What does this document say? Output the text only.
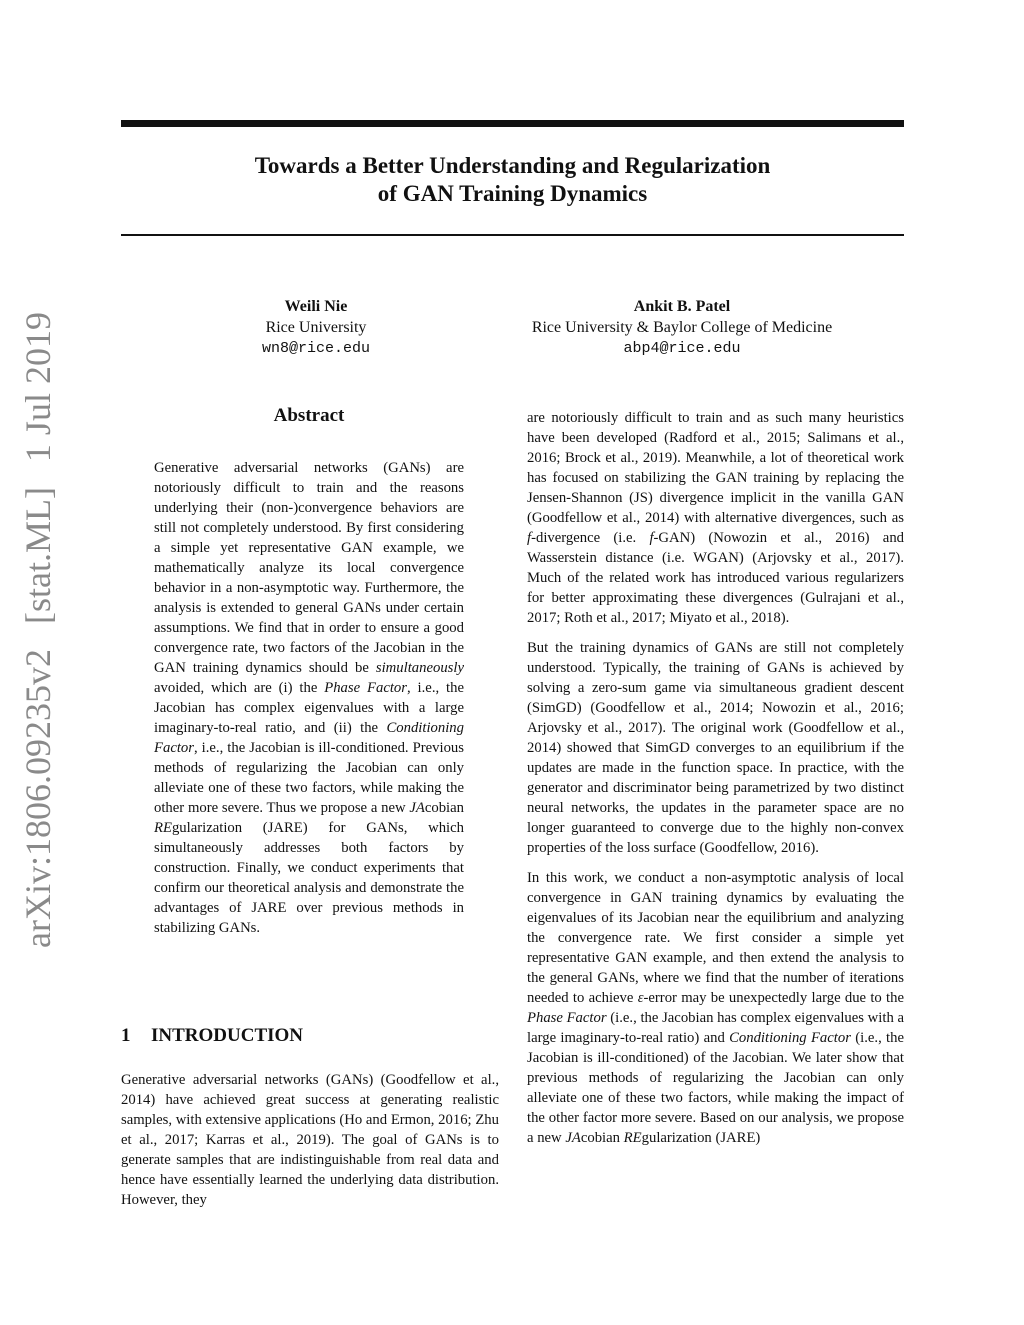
Towards a Better Understanding and Regularization
of GAN Training Dynamics
Weili Nie
Rice University
wn8@rice.edu
Ankit B. Patel
Rice University & Baylor College of Medicine
abp4@rice.edu
arXiv:1806.09235v2 [stat.ML] 1 Jul 2019	Abstract

Generative adversarial networks (GANs) are notoriously difficult to train and the reasons underlying their (non-)convergence behaviors are still not completely understood. By first considering a simple yet representative GAN example, we mathematically analyze its local convergence behavior in a non-asymptotic way. Furthermore, the analysis is extended to general GANs under certain assumptions. We find that in order to ensure a good convergence rate, two factors of the Jacobian in the GAN training dynamics should be simultaneously avoided, which are (i) the Phase Factor, i.e., the Jacobian has complex eigenvalues with a large imaginary-to-real ratio, and (ii) the Conditioning Factor, i.e., the Jacobian is ill-conditioned. Previous methods of regularizing the Jacobian can only alleviate one of these two factors, while making the other more severe. Thus we propose a new JAcobian REgularization (JARE) for GANs, which simultaneously addresses both factors by construction. Finally, we conduct experiments that confirm our theoretical analysis and demonstrate the advantages of JARE over previous methods in stabilizing GANs.

1 INTRODUCTION

Generative adversarial networks (GANs) (Goodfellow et al., 2014) have achieved great success at generating realistic samples, with extensive applications (Ho and Ermon, 2016; Zhu et al., 2017; Karras et al., 2019). The goal of GANs is to generate samples that are indistinguishable from real data and hence have essentially learned the underlying data distribution. However, they

are notoriously difficult to train and as such many heuristics have been developed (Radford et al., 2015; Salimans et al., 2016; Brock et al., 2019). Meanwhile, a lot of theoretical work has focused on stabilizing the GAN training by replacing the Jensen-Shannon (JS) divergence implicit in the vanilla GAN (Goodfellow et al., 2014) with alternative divergences, such as f-divergence (i.e. f-GAN) (Nowozin et al., 2016) and Wasserstein distance (i.e. WGAN) (Arjovsky et al., 2017). Much of the related work has introduced various regularizers for better approximating these divergences (Gulrajani et al., 2017; Roth et al., 2017; Miyato et al., 2018).

But the training dynamics of GANs are still not completely understood. Typically, the training of GANs is achieved by solving a zero-sum game via simultaneous gradient descent (SimGD) (Goodfellow et al., 2014; Nowozin et al., 2016; Arjovsky et al., 2017). The original work (Goodfellow et al., 2014) showed that SimGD converges to an equilibrium if the updates are made in the function space. In practice, with the generator and discriminator being parametrized by two distinct neural networks, the updates in the parameter space are no longer guaranteed to converge due to the highly non-convex properties of the loss surface (Goodfellow, 2016).

In this work, we conduct a non-asymptotic analysis of local convergence in GAN training dynamics by evaluating the eigenvalues of its Jacobian near the equilibrium and analyzing the convergence rate. We first consider a simple yet representative GAN example, and then extend the analysis to the general GANs, where we find that the number of iterations needed to achieve ε-error may be unexpectedly large due to the Phase Factor (i.e., the Jacobian has complex eigenvalues with a large imaginary-to-real ratio) and Conditioning Factor (i.e., the Jacobian is ill-conditioned) of the Jacobian. We later show that previous methods of regularizing the Jacobian can only alleviate one of these two factors, while making the impact of the other factor more severe. Based on our analysis, we propose a new JAcobian REgularization (JARE)
